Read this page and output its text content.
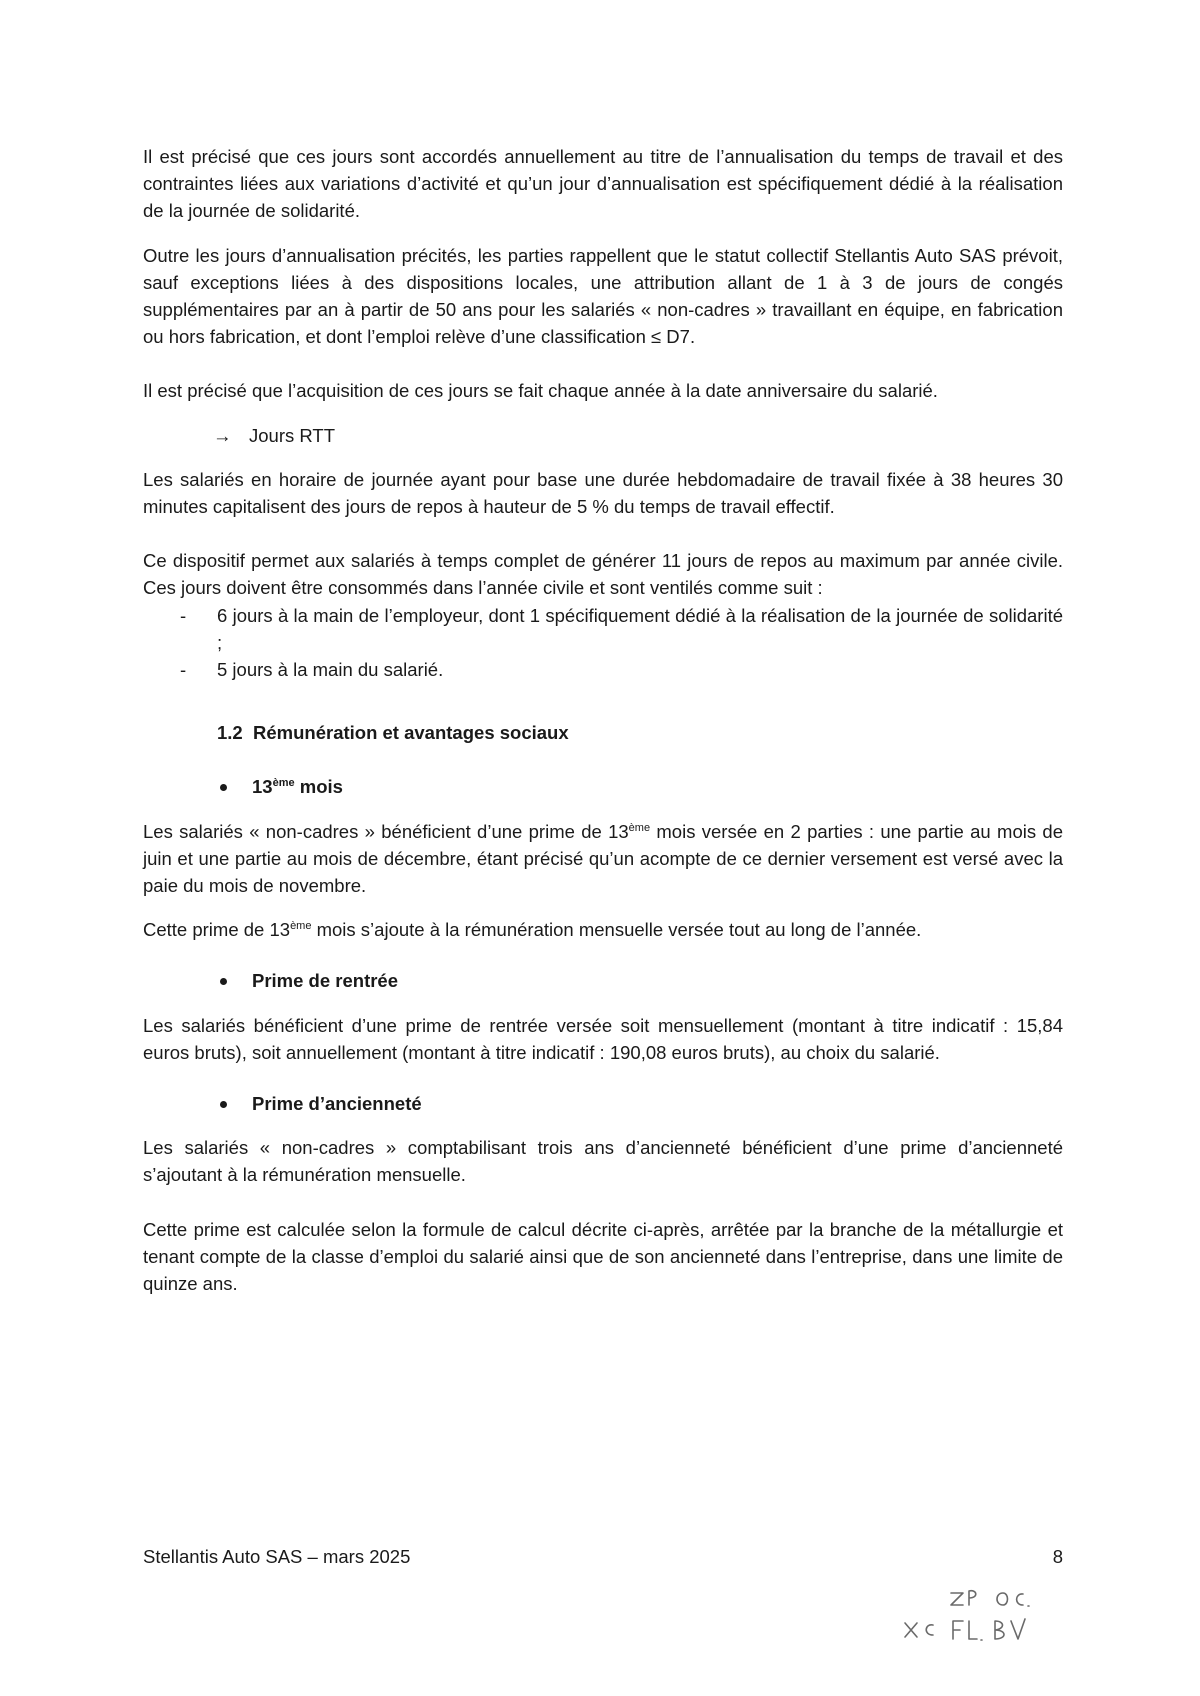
Il est précisé que ces jours sont accordés annuellement au titre de l’annualisation du temps de travail et des contraintes liées aux variations d’activité et qu’un jour d’annualisation est spécifiquement dédié à la réalisation de la journée de solidarité.

Outre les jours d’annualisation précités, les parties rappellent que le statut collectif Stellantis Auto SAS prévoit, sauf exceptions liées à des dispositions locales, une attribution allant de 1 à 3 de jours de congés supplémentaires par an à partir de 50 ans pour les salariés « non-cadres » travaillant en équipe, en fabrication ou hors fabrication, et dont l’emploi relève d’une classification ≤ D7.

Il est précisé que l’acquisition de ces jours se fait chaque année à la date anniversaire du salarié.

→ Jours RTT

Les salariés en horaire de journée ayant pour base une durée hebdomadaire de travail fixée à 38 heures 30 minutes capitalisent des jours de repos à hauteur de 5 % du temps de travail effectif.

Ce dispositif permet aux salariés à temps complet de générer 11 jours de repos au maximum par année civile. Ces jours doivent être consommés dans l’année civile et sont ventilés comme suit :

- 6 jours à la main de l’employeur, dont 1 spécifiquement dédié à la réalisation de la journée de solidarité ;
- 5 jours à la main du salarié.
1.2 Rémunération et avantages sociaux
13ème mois

Les salariés « non-cadres » bénéficient d’une prime de 13ème mois versée en 2 parties : une partie au mois de juin et une partie au mois de décembre, étant précisé qu’un acompte de ce dernier versement est versé avec la paie du mois de novembre.

Cette prime de 13ème mois s’ajoute à la rémunération mensuelle versée tout au long de l’année.

Prime de rentrée

Les salariés bénéficient d’une prime de rentrée versée soit mensuellement (montant à titre indicatif : 15,84 euros bruts), soit annuellement (montant à titre indicatif : 190,08 euros bruts), au choix du salarié.

Prime d’ancienneté

Les salariés « non-cadres » comptabilisant trois ans d’ancienneté bénéficient d’une prime d’ancienneté s’ajoutant à la rémunération mensuelle.

Cette prime est calculée selon la formule de calcul décrite ci-après, arrêtée par la branche de la métallurgie et tenant compte de la classe d’emploi du salarié ainsi que de son ancienneté dans l’entreprise, dans une limite de quinze ans.

Stellantis Auto SAS – mars 2025	8
